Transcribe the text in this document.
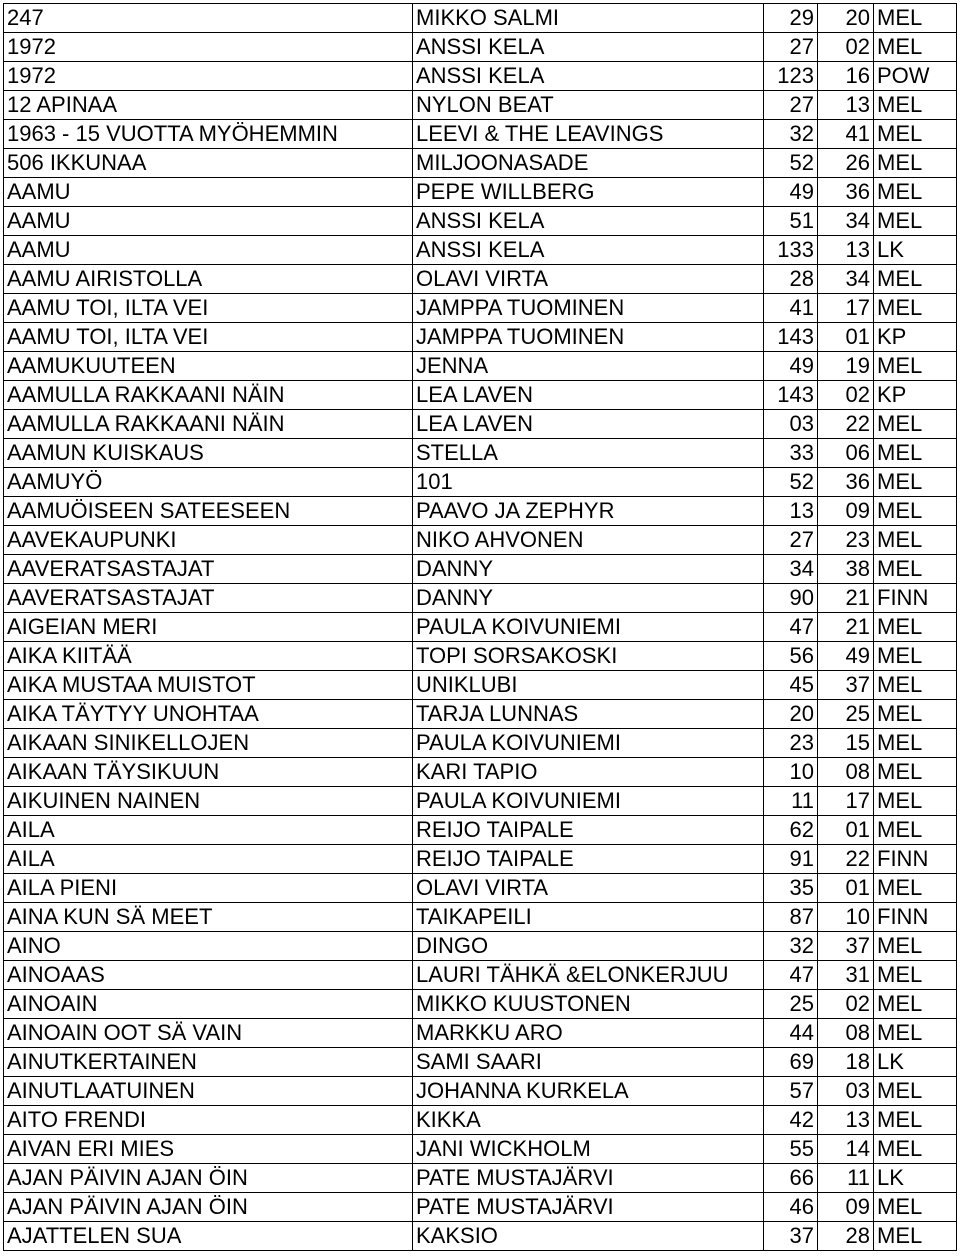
247	MIKKO SALMI	29	20	MEL
1972	ANSSI KELA	27	02	MEL
1972	ANSSI KELA	123	16	POW
12 APINAA	NYLON BEAT	27	13	MEL
1963 - 15 VUOTTA MYÖHEMMIN	LEEVI & THE LEAVINGS	32	41	MEL
506 IKKUNAA	MILJOONASADE	52	26	MEL
AAMU	PEPE WILLBERG	49	36	MEL
AAMU	ANSSI KELA	51	34	MEL
AAMU	ANSSI KELA	133	13	LK
AAMU AIRISTOLLA	OLAVI VIRTA	28	34	MEL
AAMU TOI, ILTA VEI	JAMPPA TUOMINEN	41	17	MEL
AAMU TOI, ILTA VEI	JAMPPA TUOMINEN	143	01	KP
AAMUKUUTEEN	JENNA	49	19	MEL
AAMULLA RAKKAANI NÄIN	LEA LAVEN	143	02	KP
AAMULLA RAKKAANI NÄIN	LEA LAVEN	03	22	MEL
AAMUN KUISKAUS	STELLA	33	06	MEL
AAMUYÖ	101	52	36	MEL
AAMUÖISEEN SATEESEEN	PAAVO JA ZEPHYR	13	09	MEL
AAVEKAUPUNKI	NIKO AHVONEN	27	23	MEL
AAVERATSASTAJAT	DANNY	34	38	MEL
AAVERATSASTAJAT	DANNY	90	21	FINN
AIGEIAN MERI	PAULA KOIVUNIEMI	47	21	MEL
AIKA KIITÄÄ	TOPI SORSAKOSKI	56	49	MEL
AIKA MUSTAA MUISTOT	UNIKLUBI	45	37	MEL
AIKA TÄYTYY UNOHTAA	TARJA LUNNAS	20	25	MEL
AIKAAN SINIKELLOJEN	PAULA KOIVUNIEMI	23	15	MEL
AIKAAN TÄYSIKUUN	KARI TAPIO	10	08	MEL
AIKUINEN NAINEN	PAULA KOIVUNIEMI	11	17	MEL
AILA	REIJO TAIPALE	62	01	MEL
AILA	REIJO TAIPALE	91	22	FINN
AILA PIENI	OLAVI VIRTA	35	01	MEL
AINA KUN SÄ MEET	TAIKAPEILI	87	10	FINN
AINO	DINGO	32	37	MEL
AINOAAS	LAURI TÄHKÄ &ELONKERJUU	47	31	MEL
AINOAIN	MIKKO KUUSTONEN	25	02	MEL
AINOAIN OOT SÄ VAIN	MARKKU ARO	44	08	MEL
AINUTKERTAINEN	SAMI SAARI	69	18	LK
AINUTLAATUINEN	JOHANNA KURKELA	57	03	MEL
AITO FRENDI	KIKKA	42	13	MEL
AIVAN ERI MIES	JANI WICKHOLM	55	14	MEL
AJAN PÄIVIN AJAN ÖIN	PATE MUSTAJÄRVI	66	11	LK
AJAN PÄIVIN AJAN ÖIN	PATE MUSTAJÄRVI	46	09	MEL
AJATTELEN SUA	KAKSIO	37	28	MEL
